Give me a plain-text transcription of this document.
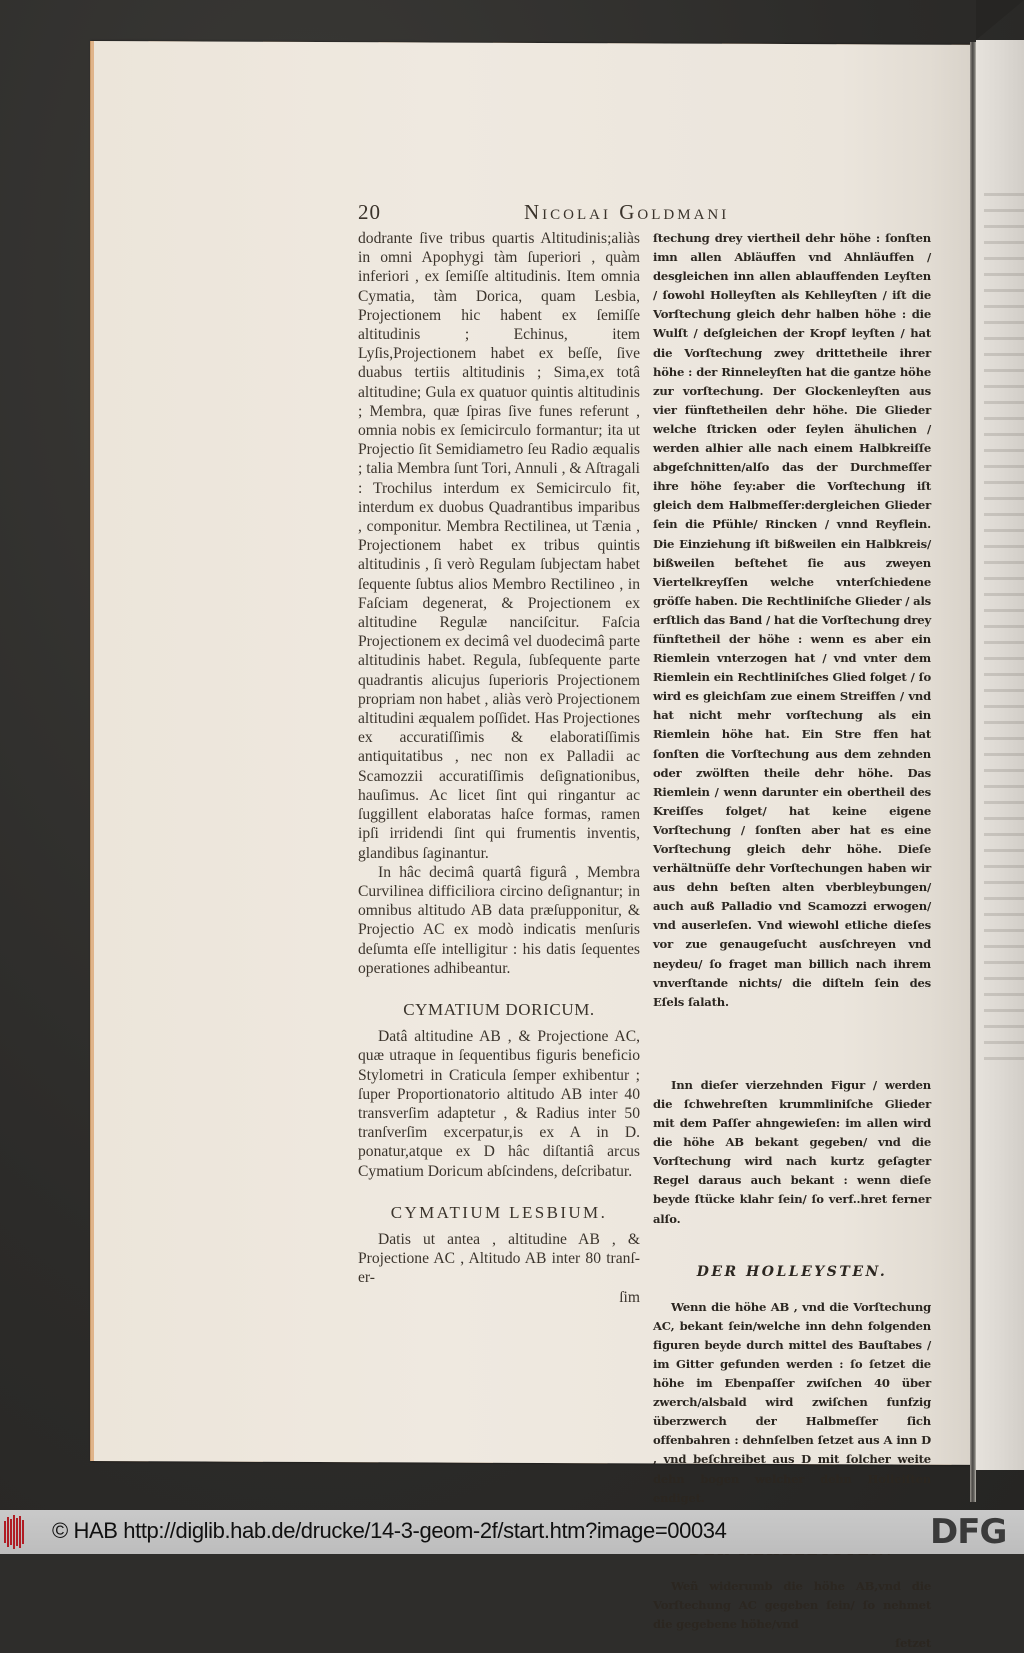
20	Nicolai Goldmani

dodrante ſive tribus quartis Altitudinis;aliàs in omni Apophygi tàm ſuperiori , quàm inferiori , ex ſemiſſe altitudinis. Item omnia Cymatia, tàm Dorica, quam Lesbia, Projectionem hic habent ex ſemiſſe altitudinis ; Echinus, item Lyſis,Projectionem habet ex beſſe, ſive duabus tertiis altitudinis ; Sima,ex totâ altitudine; Gula ex quatuor quintis altitudinis ; Membra, quæ ſpiras ſive funes referunt , omnia nobis ex ſemicirculo formantur; ita ut Projectio ſit Semidiametro ſeu Radio æqualis ; talia Membra ſunt Tori, Annuli , & Aſtragali : Trochilus interdum ex Semicirculo fit, interdum ex duobus Quadrantibus imparibus , componitur. Membra Rectilinea, ut Tænia , Projectionem habet ex tribus quintis altitudinis , ſi verò Regulam ſubjectam habet ſequente ſubtus alios Membro Rectilineo , in Faſciam degenerat, & Projectionem ex altitudine Regulæ nanciſcitur. Faſcia Projectionem ex decimâ vel duodecimâ parte altitudinis habet. Regula, ſubſequente parte quadrantis alicujus ſuperioris Projectionem propriam non habet , aliàs verò Projectionem altitudini æqualem poſſidet. Has Projectiones ex accuratiſſimis & elaboratiſſimis antiquitatibus , nec non ex Palladii ac Scamozzii accuratiſſimis deſignationibus, hauſimus. Ac licet ſint qui ringantur ac ſuggillent elaboratas haſce formas, ramen ipſi irridendi ſint qui frumentis inventis, glandibus ſaginantur.

In hâc decimâ quartâ figurâ , Membra Curvilinea difficiliora circino deſignantur; in omnibus altitudo AB data præſupponitur, & Projectio AC ex modò indicatis menſuris deſumta eſſe intelligitur : his datis ſequentes operationes adhibeantur.

CYMATIUM DORICUM.

Datâ altitudine AB , & Projectione AC, quæ utraque in ſequentibus figuris beneficio Stylometri in Craticula ſemper exhibentur ; ſuper Proportionatorio altitudo AB inter 40 transverſim adaptetur , & Radius inter 50 tranſverſim excerpatur,is ex A in D. ponatur,atque ex D hâc diſtantiâ arcus Cymatium Doricum abſcindens, deſcribatur.

CYMATIUM LESBIUM.

Datis ut antea , altitudine AB , & Projectione AC , Altitudo AB inter 80 tranſ-er-

ſim

ſtechung drey viertheil dehr höhe : ſonſten imn allen Abläuffen vnd Ahnläuffen / desgleichen inn allen ablauffenden Leyſten / ſowohl Holleyſten als Kehlleyſten / iſt die Vorſtechung gleich dehr halben höhe : die Wulſt / deſgleichen der Kropf leyſten / hat die Vorſtechung zwey drittetheile ihrer höhe : der Rinneleyſten hat die gantze höhe zur vorſtechung. Der Glockenleyſten aus vier fünftetheilen dehr höhe. Die Glieder welche ſtricken oder ſeylen ähulichen / werden alhier alle nach einem Halbkreiſſe abgeſchnitten/alſo das der Durchmeſſer ihre höhe ſey:aber die Vorſtechung iſt gleich dem Halbmeſſer:dergleichen Glieder ſein die Pfühle/ Rincken / vnnd Reyflein. Die Einziehung iſt bißweilen ein Halbkreis/ bißweilen beſtehet ſie aus zweyen Viertelkreyſſen welche vnterſchiedene gröſſe haben. Die Rechtliniſche Glieder / als erſtlich das Band / hat die Vorſtechung drey fünftetheil der höhe : wenn es aber ein Riemlein vnterzogen hat / vnd vnter dem Riemlein ein Rechtliniſches Glied folget / ſo wird es gleichſam zue einem Streiffen / vnd hat nicht mehr vorſtechung als ein Riemlein höhe hat. Ein Stre ffen hat ſonſten die Vorſtechung aus dem zehnden oder zwölften theile dehr höhe. Das Riemlein / wenn darunter ein obertheil des Kreiſſes folget/ hat keine eigene Vorſtechung / ſonſten aber hat es eine Vorſtechung gleich dehr höhe. Dieſe verhältnüſſe dehr Vorſtechungen haben wir aus dehn beſten alten vberbleybungen/ auch auß Palladio vnd Scamozzi erwogen/ vnd auserleſen. Vnd wiewohl etliche dieſes vor zue genaugeſucht ausſchreyen vnd neydeu/ ſo fraget man billich nach ihrem vnverſtande nichts/ die diſteln ſein des Eſels ſalath.

Inn dieſer vierzehnden Figur / werden die ſchwehreſten krummliniſche Glieder mit dem Paſſer ahngewieſen: im allen wird die höhe AB bekant gegeben/ vnd die Vorſtechung wird nach kurtz geſagter Regel daraus auch bekant : wenn dieſe beyde ſtücke klahr ſein/ ſo verf..hret ferner alſo.

DER HOLLEYSTEN.

Wenn die höhe AB , vnd die Vorſtechung AC, bekant ſein/welche inn dehn folgenden figuren beyde durch mittel des Bauſtabes / im Gitter gefunden werden : ſo ſetzet die höhe im Ebenpaſſer zwiſchen 40 über zwerch/alsbald wird zwiſchen funfzig überzwerch der Halbmeſſer ſich offenbahren : dehnſelben ſetzet aus A inn D , vnd beſchreibet aus D mit ſolcher weite dehn bogen welcher dehn Holleiſten endiget.

Weñ widerumb die höhe AB,vnd die Vorſtechung AC gegeben ſein/ ſo nehmet die gegebene höhe/vnd

ſetzet

© HAB http://diglib.hab.de/drucke/14-3-geom-2f/start.htm?image=00034	DFG
